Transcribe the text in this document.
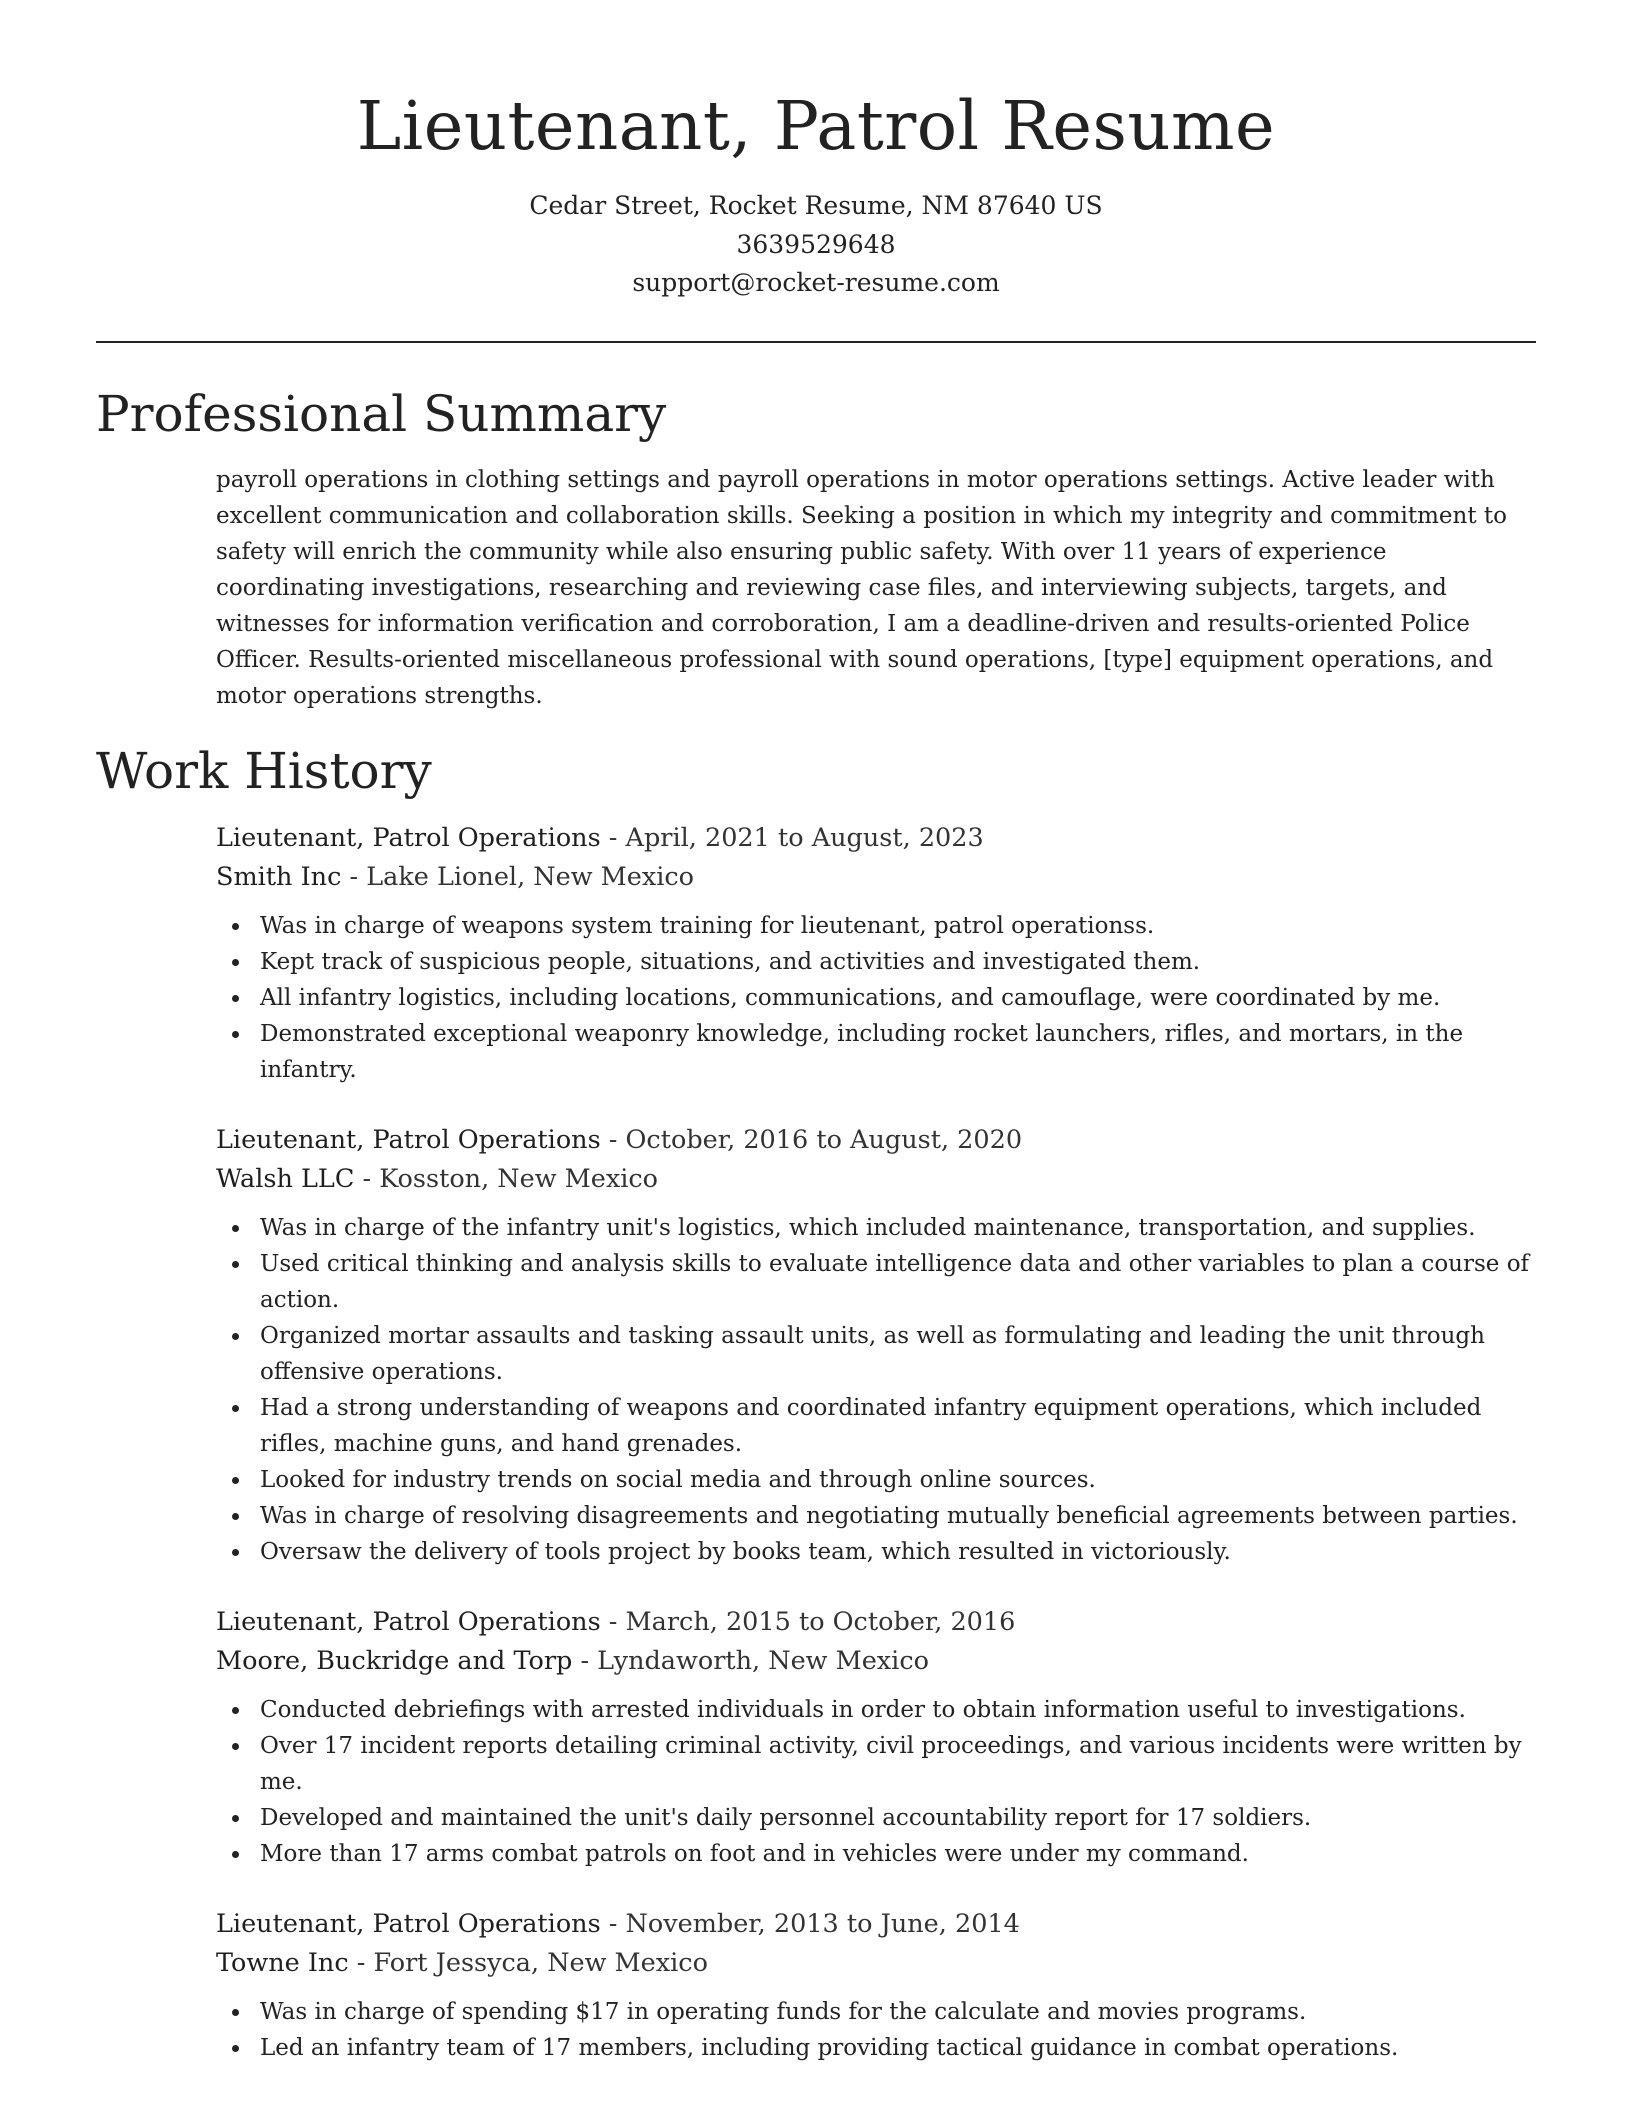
Lieutenant, Patrol Resume
Cedar Street, Rocket Resume, NM 87640 US
3639529648
support@rocket-resume.com
Professional Summary

payroll operations in clothing settings and payroll operations in motor operations settings. Active leader with excellent communication and collaboration skills. Seeking a position in which my integrity and commitment to safety will enrich the community while also ensuring public safety. With over 11 years of experience coordinating investigations, researching and reviewing case files, and interviewing subjects, targets, and witnesses for information verification and corroboration, I am a deadline-driven and results-oriented Police Officer. Results-oriented miscellaneous professional with sound operations, [type] equipment operations, and motor operations strengths.

Work History
Lieutenant, Patrol Operations - April, 2021 to August, 2023
Smith Inc - Lake Lionel, New Mexico
Was in charge of weapons system training for lieutenant, patrol operationss.
Kept track of suspicious people, situations, and activities and investigated them.
All infantry logistics, including locations, communications, and camouflage, were coordinated by me.
Demonstrated exceptional weaponry knowledge, including rocket launchers, rifles, and mortars, in the infantry.
Lieutenant, Patrol Operations - October, 2016 to August, 2020
Walsh LLC - Kosston, New Mexico
Was in charge of the infantry unit's logistics, which included maintenance, transportation, and supplies.
Used critical thinking and analysis skills to evaluate intelligence data and other variables to plan a course of action.
Organized mortar assaults and tasking assault units, as well as formulating and leading the unit through offensive operations.
Had a strong understanding of weapons and coordinated infantry equipment operations, which included rifles, machine guns, and hand grenades.
Looked for industry trends on social media and through online sources.
Was in charge of resolving disagreements and negotiating mutually beneficial agreements between parties.
Oversaw the delivery of tools project by books team, which resulted in victoriously.
Lieutenant, Patrol Operations - March, 2015 to October, 2016
Moore, Buckridge and Torp - Lyndaworth, New Mexico
Conducted debriefings with arrested individuals in order to obtain information useful to investigations.
Over 17 incident reports detailing criminal activity, civil proceedings, and various incidents were written by me.
Developed and maintained the unit's daily personnel accountability report for 17 soldiers.
More than 17 arms combat patrols on foot and in vehicles were under my command.
Lieutenant, Patrol Operations - November, 2013 to June, 2014
Towne Inc - Fort Jessyca, New Mexico
Was in charge of spending $17 in operating funds for the calculate and movies programs.
Led an infantry team of 17 members, including providing tactical guidance in combat operations.
